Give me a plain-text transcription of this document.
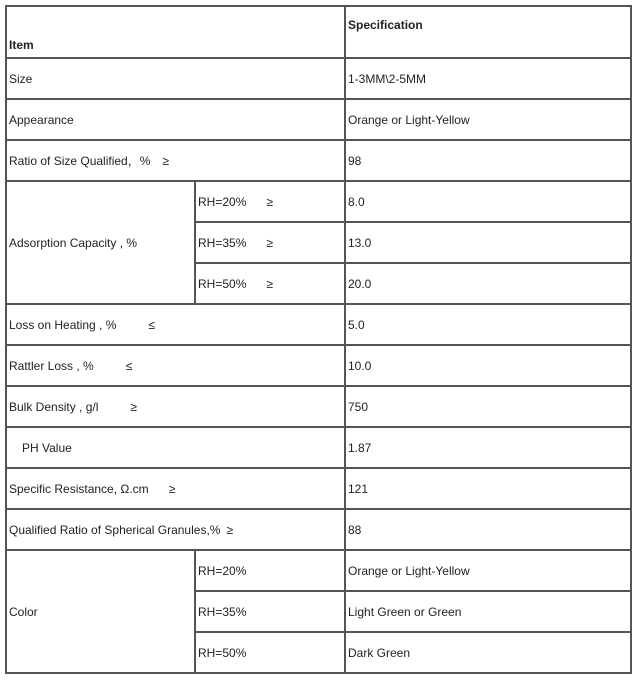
Item		Specification
Size		1-3MM\2-5MM
Appearance		Orange or Light-Yellow
Ratio of Size Qualified，% ≥		98
Adsorption Capacity , %	RH=20% ≥	8.0
	RH=35% ≥	13.0
	RH=50% ≥	20.0
Loss on Heating , % ≤		5.0
Rattler Loss , % ≤		10.0
Bulk Density , g/l ≥		750
PH Value		1.87
Specific Resistance, Ω.cm ≥		121
Qualified Ratio of Spherical Granules,% ≥		88
Color	RH=20%	Orange or Light-Yellow
	RH=35%	Light Green or Green
	RH=50%	Dark Green
